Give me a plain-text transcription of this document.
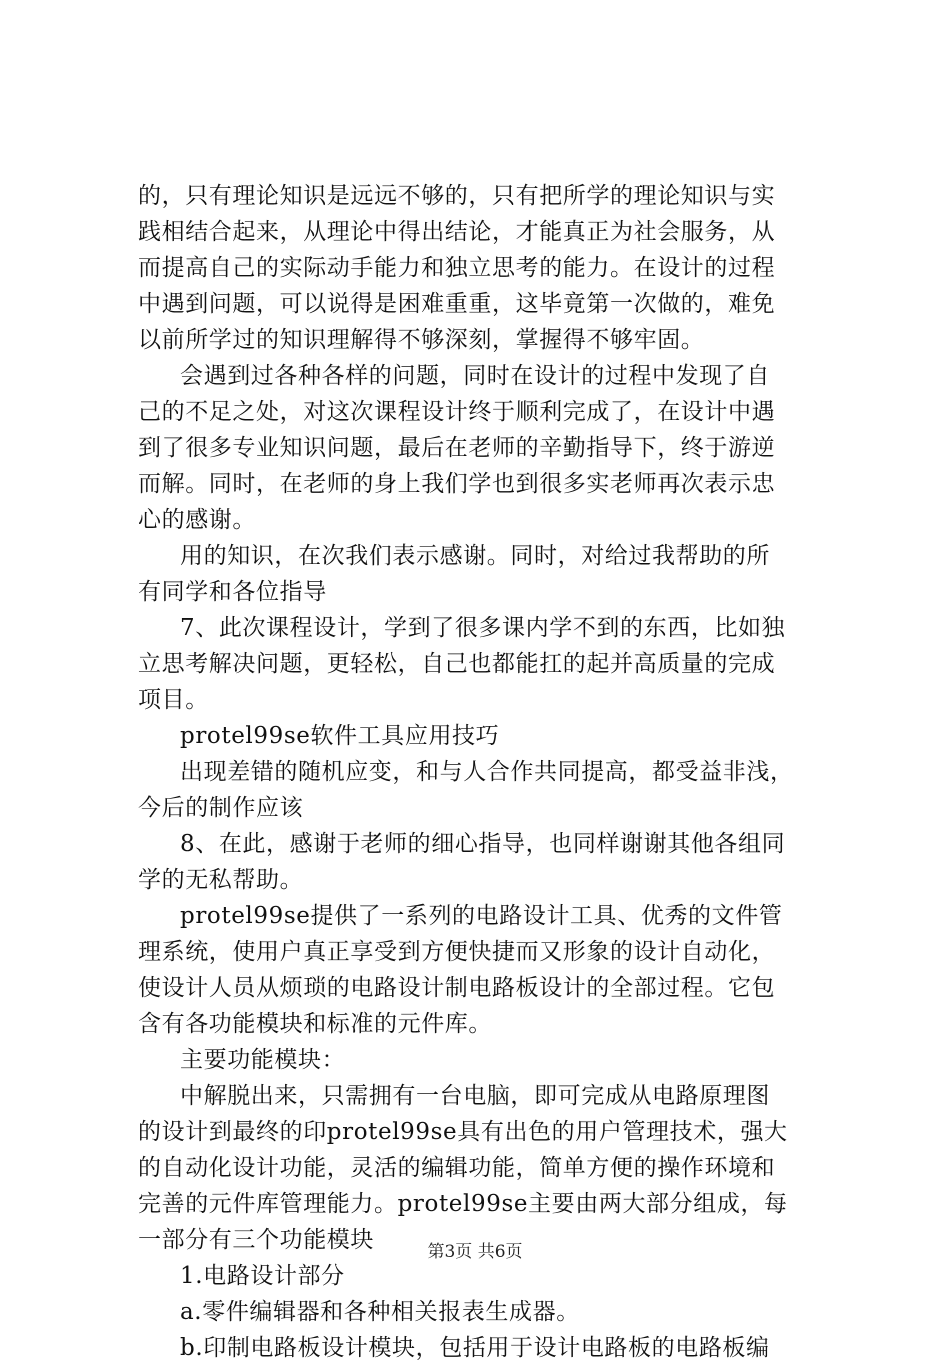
的，只有理论知识是远远不够的，只有把所学的理论知识与实
践相结合起来，从理论中得出结论，才能真正为社会服务，从
而提高自己的实际动手能力和独立思考的能力。在设计的过程
中遇到问题，可以说得是困难重重，这毕竟第一次做的，难免
以前所学过的知识理解得不够深刻，掌握得不够牢固。
会遇到过各种各样的问题，同时在设计的过程中发现了自
己的不足之处，对这次课程设计终于顺利完成了，在设计中遇
到了很多专业知识问题，最后在老师的辛勤指导下，终于游逆
而解。同时，在老师的身上我们学也到很多实老师再次表示忠
心的感谢。
用的知识，在次我们表示感谢。同时，对给过我帮助的所
有同学和各位指导
7、此次课程设计，学到了很多课内学不到的东西，比如独
立思考解决问题，更轻松，自己也都能扛的起并高质量的完成
项目。
protel99se软件工具应用技巧
出现差错的随机应变，和与人合作共同提高，都受益非浅，
今后的制作应该
8、在此，感谢于老师的细心指导，也同样谢谢其他各组同
学的无私帮助。
protel99se提供了一系列的电路设计工具、优秀的文件管
理系统，使用户真正享受到方便快捷而又形象的设计自动化，
使设计人员从烦琐的电路设计制电路板设计的全部过程。它包
含有各功能模块和标准的元件库。
主要功能模块：
中解脱出来，只需拥有一台电脑，即可完成从电路原理图
的设计到最终的印protel99se具有出色的用户管理技术，强大
的自动化设计功能，灵活的编辑功能，简单方便的操作环境和
完善的元件库管理能力。protel99se主要由两大部分组成，每
一部分有三个功能模块
1.电路设计部分
a.零件编辑器和各种相关报表生成器。
b.印制电路板设计模块，包括用于设计电路板的电路板编
第3页 共6页
